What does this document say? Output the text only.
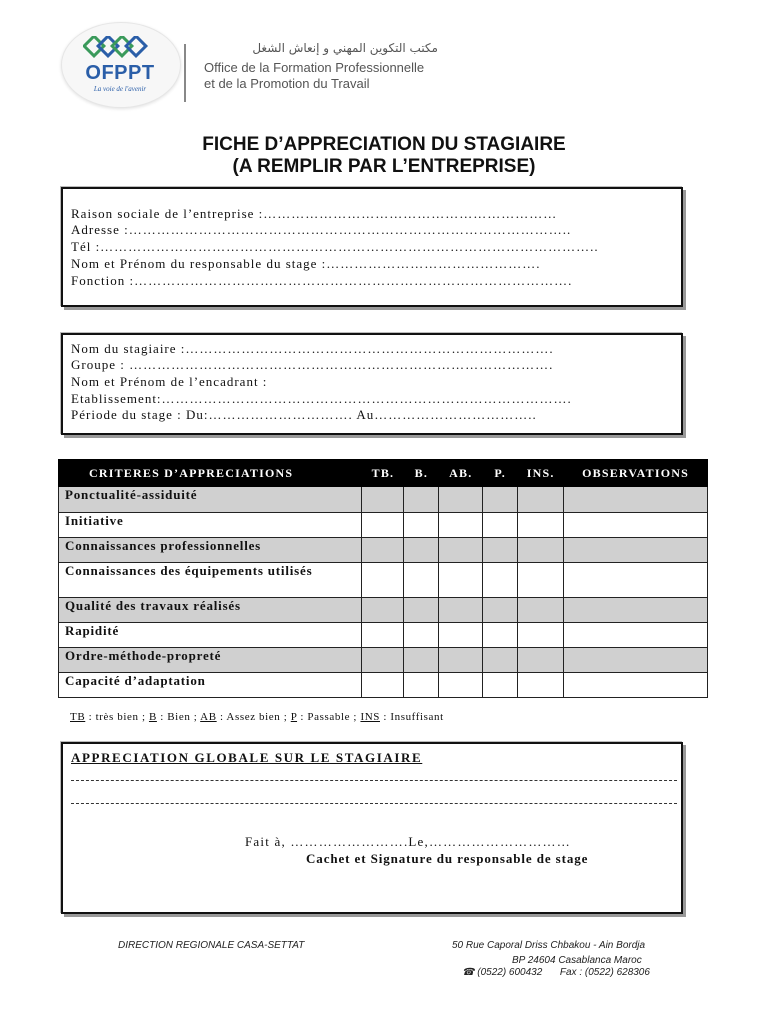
OFPPT
La voie de l'avenir
مكتب التكوين المهني و إنعاش الشغل
Office de la Formation Professionnelle
et de la Promotion du Travail
FICHE D’APPRECIATION DU STAGIAIRE
(A REMPLIR PAR L’ENTREPRISE)
Raison sociale de l’entreprise :………………………………………………………
Adresse :…………………………………………………………………………………..
Tél :……………………………………………………………………………………………..
Nom et Prénom du responsable du stage :……………………………………….
Fonction :………………………………………………………………………………….
Nom du stagiaire :…………………………………………………………………….
Groupe : ……………………………………………………………………………….
Nom et Prénom de l’encadrant :
Etablissement:…………………………………………………………………………….
Période du stage : Du:…………………………. Au……………………………..
CRITERES D’APPRECIATIONS	TB.	B.	AB.	P.	INS.	OBSERVATIONS
Ponctualité-assiduité						
Initiative						
Connaissances professionnelles						
Connaissances des équipements utilisés						
Qualité des travaux réalisés						
Rapidité						
Ordre-méthode-propreté						
Capacité d’adaptation						
TB : très bien ; B : Bien ; AB : Assez bien ; P : Passable ; INS : Insuffisant
APPRECIATION GLOBALE SUR LE STAGIAIRE
Fait à, …………………….Le,…………………………
Cachet et Signature du responsable de stage
DIRECTION REGIONALE CASA-SETTAT	50 Rue Caporal Driss Chbakou - Ain Bordja
BP 24604 Casablanca Maroc
☎ (0522) 600432 Fax : (0522) 628306
